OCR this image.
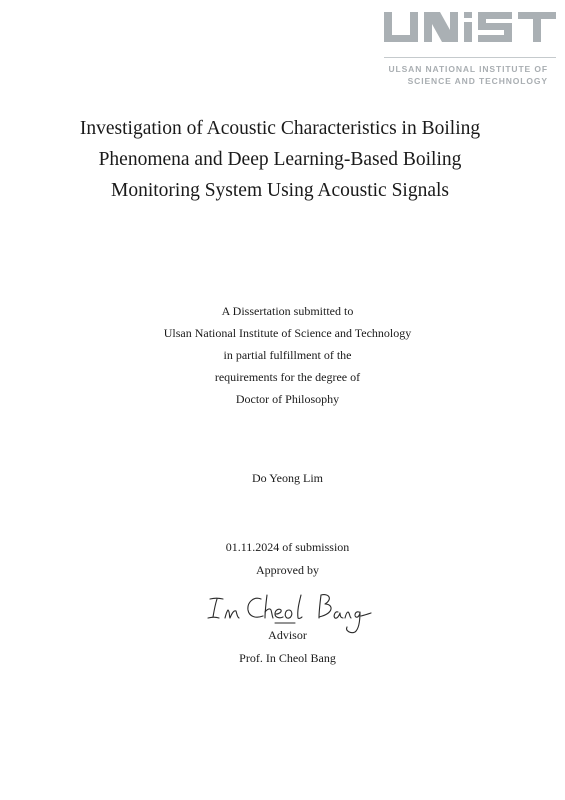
ULSAN NATIONAL INSTITUTE OF
SCIENCE AND TECHNOLOGY
Investigation of Acoustic Characteristics in Boiling
Phenomena and Deep Learning-Based Boiling
Monitoring System Using Acoustic Signals
A Dissertation submitted to
Ulsan National Institute of Science and Technology
in partial fulfillment of the
requirements for the degree of
Doctor of Philosophy
Do Yeong Lim
01.11.2024 of submission
Approved by
Advisor
Prof. In Cheol Bang
